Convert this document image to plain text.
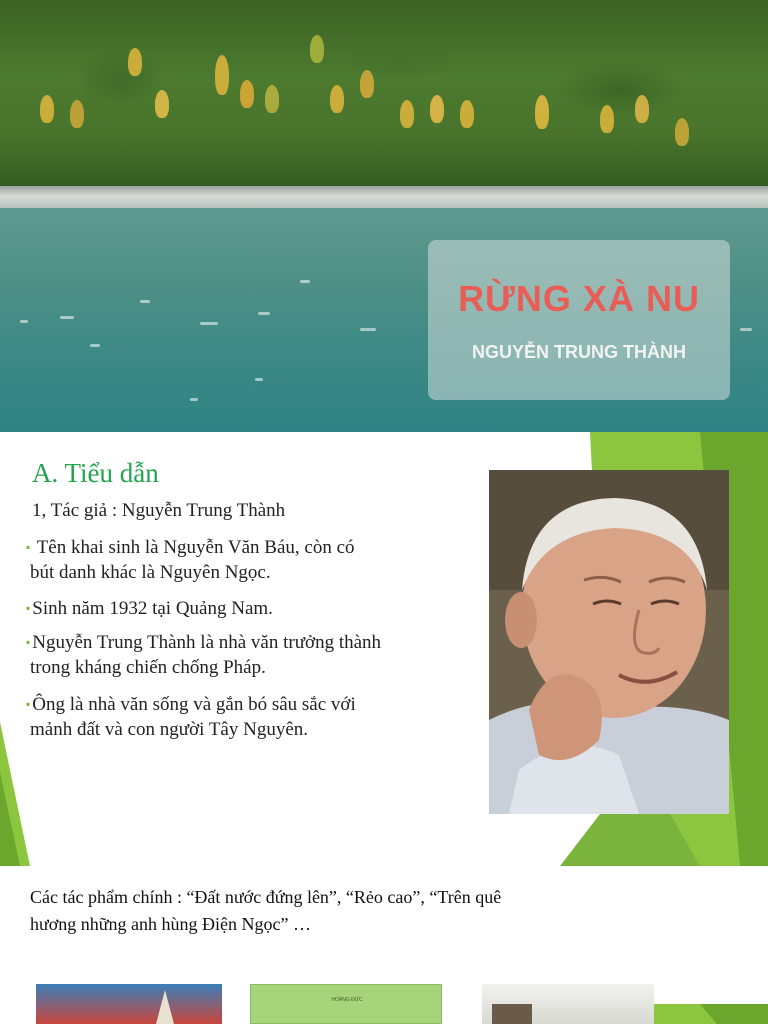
RỪNG XÀ NU
NGUYỄN TRUNG THÀNH
A. Tiểu dẫn
1, Tác giả : Nguyễn Trung Thành
▪ Tên khai sinh là Nguyễn Văn Báu, còn có
bút danh khác là Nguyên Ngọc.
▪ Sinh năm 1932 tại Quảng Nam.
▪ Nguyễn Trung Thành là nhà văn trưởng thành
trong kháng chiến chống Pháp.
▪ Ông là nhà văn sống và gắn bó sâu sắc với
mảnh đất và con người Tây Nguyên.
Các tác phẩm chính : “Đất nước đứng lên”, “Rẻo cao”, “Trên quê
hương những anh hùng Điện Ngọc” …
HOÀNG ĐỨC
